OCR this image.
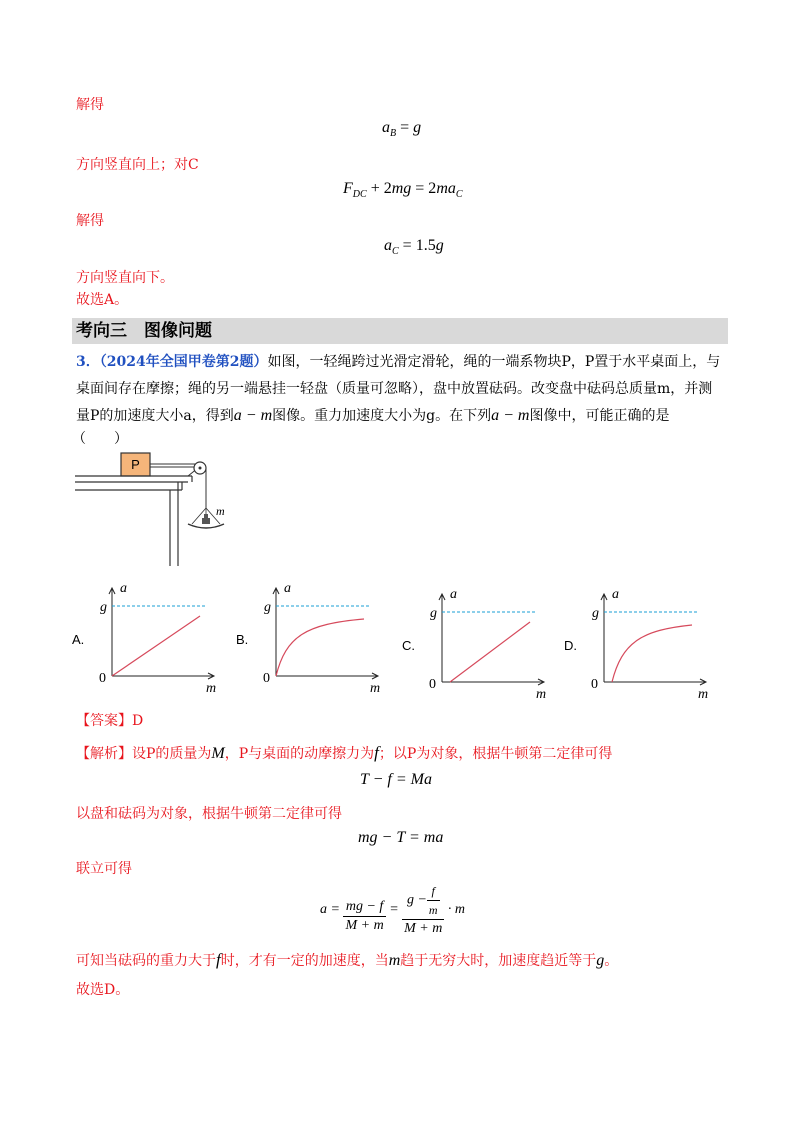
解得
$a_B = g$
方向竖直向上；对C
$F_{DC} + 2mg = 2ma_C$
解得
$a_C = 1.5g$
方向竖直向下。
故选A。
考向三　图像问题
3．（2024年全国甲卷第2题）如图，一轻绳跨过光滑定滑轮，绳的一端系物块P，P置于水平桌面上，与
桌面间存在摩擦；绳的另一端悬挂一轻盘（质量可忽略），盘中放置砝码。改变盘中砝码总质量m，并测
量P的加速度大小a，得到a − m图像。重力加速度大小为g。在下列a − m图像中，可能正确的是
（　　）
P
m
A.
a
m
g
0
B.
a
m
g
0
C.
a
m
g
0
D.
a
m
g
0
【答案】D
【解析】设P的质量为M，P与桌面的动摩擦力为f；以P为对象，根据牛顿第二定律可得
T − f = Ma
以盘和砝码为对象，根据牛顿第二定律可得
mg − T = ma
联立可得
$a = \frac{mg - f}{M + m} = \frac{g - \frac{f}{m}}{M + m} \cdot m$
可知当砝码的重力大于f时，才有一定的加速度，当m趋于无穷大时，加速度趋近等于g。
故选D。
